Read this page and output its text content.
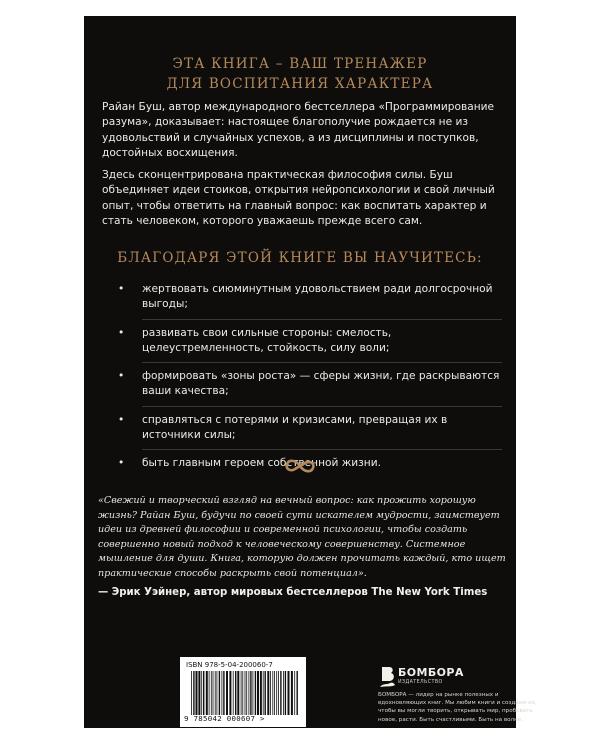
ЭТА КНИГА – ВАШ ТРЕНАЖЕР
ДЛЯ ВОСПИТАНИЯ ХАРАКТЕРА
Райан Буш, автор международного бестселлера «Программирование разума», доказывает: настоящее благополучие рождается не из удовольствий и случайных успехов, а из дисциплины и поступков, достойных восхищения.
Здесь сконцентрирована практическая философия силы. Буш объединяет идеи стоиков, открытия нейропсихологии и свой личный опыт, чтобы ответить на главный вопрос: как воспитать характер и стать человеком, которого уважаешь прежде всего сам.
БЛАГОДАРЯ ЭТОЙ КНИГЕ ВЫ НАУЧИТЕСЬ:
• жертвовать сиюминутным удовольствием ради долгосрочной выгоды;
• развивать свои сильные стороны: смелость, целеустремленность, стойкость, силу воли;
• формировать «зоны роста» — сферы жизни, где раскрываются ваши качества;
• справляться с потерями и кризисами, превращая их в источники силы;
• быть главным героем собственной жизни.
«Свежий и творческий взгляд на вечный вопрос: как прожить хорошую жизнь? Райан Буш, будучи по своей сути искателем мудрости, заимствует идеи из древней философии и современной психологии, чтобы создать совершенно новый подход к человеческому совершенству. Системное мышление для души. Книга, которую должен прочитать каждый, кто ищет практические способы раскрыть свой потенциал».
— Эрик Уэйнер, автор мировых бестселлеров The New York Times
ISBN 978-5-04-200060-7
9 785042 000607 >
БОМБОРА
ИЗДАТЕЛЬСТВО
БОМБОРА — лидер на рынке полезных и вдохновляющих книг. Мы любим книги и создаем их, чтобы вы могли творить, открывать мир, пробовать новое, расти. Быть счастливыми. Быть на волне.
